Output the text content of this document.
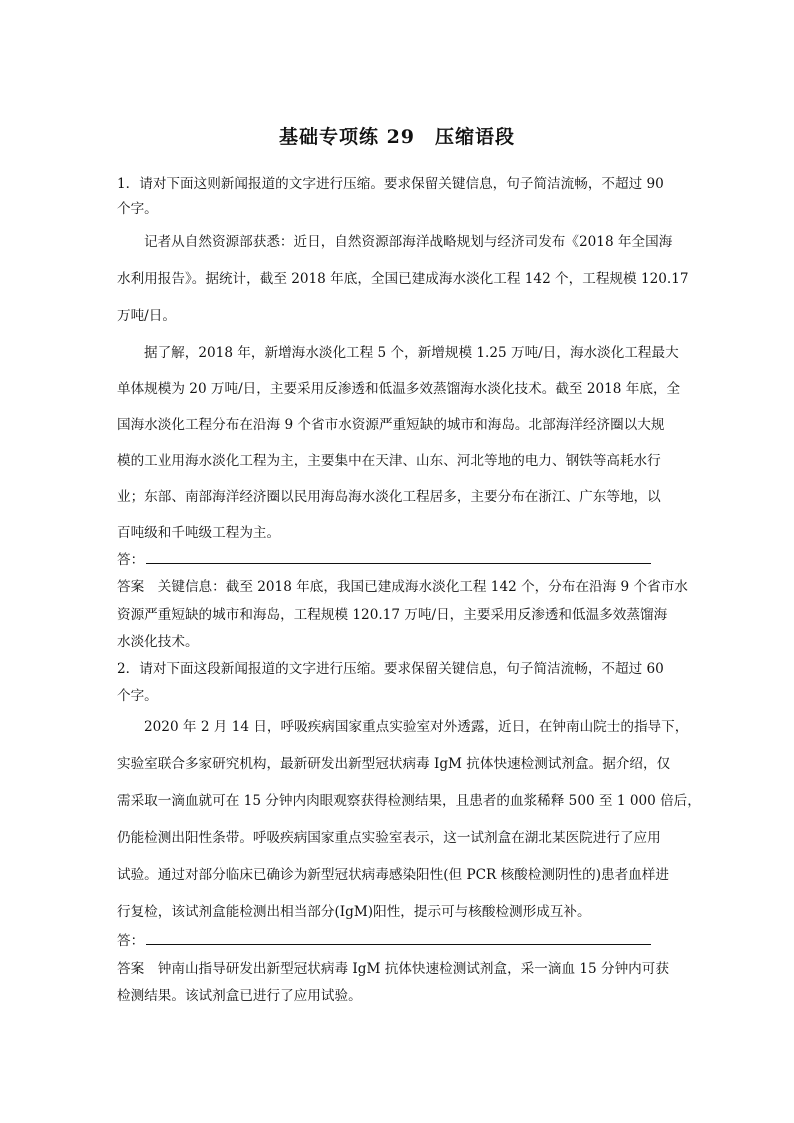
基础专项练 29　压缩语段
1．请对下面这则新闻报道的文字进行压缩。要求保留关键信息，句子简洁流畅，不超过 90
个字。
记者从自然资源部获悉：近日，自然资源部海洋战略规划与经济司发布《2018 年全国海
水利用报告》。据统计，截至 2018 年底，全国已建成海水淡化工程 142 个，工程规模 120.17
万吨/日。
据了解，2018 年，新增海水淡化工程 5 个，新增规模 1.25 万吨/日，海水淡化工程最大
单体规模为 20 万吨/日，主要采用反渗透和低温多效蒸馏海水淡化技术。截至 2018 年底，全
国海水淡化工程分布在沿海 9 个省市水资源严重短缺的城市和海岛。北部海洋经济圈以大规
模的工业用海水淡化工程为主，主要集中在天津、山东、河北等地的电力、钢铁等高耗水行
业；东部、南部海洋经济圈以民用海岛海水淡化工程居多，主要分布在浙江、广东等地，以
百吨级和千吨级工程为主。
答：
答案　关键信息：截至 2018 年底，我国已建成海水淡化工程 142 个，分布在沿海 9 个省市水
资源严重短缺的城市和海岛，工程规模 120.17 万吨/日，主要采用反渗透和低温多效蒸馏海
水淡化技术。
2．请对下面这段新闻报道的文字进行压缩。要求保留关键信息，句子简洁流畅，不超过 60
个字。
2020 年 2 月 14 日，呼吸疾病国家重点实验室对外透露，近日，在钟南山院士的指导下，
实验室联合多家研究机构，最新研发出新型冠状病毒 IgM 抗体快速检测试剂盒。据介绍，仅
需采取一滴血就可在 15 分钟内肉眼观察获得检测结果，且患者的血浆稀释 500 至 1 000 倍后，
仍能检测出阳性条带。呼吸疾病国家重点实验室表示，这一试剂盒在湖北某医院进行了应用
试验。通过对部分临床已确诊为新型冠状病毒感染阳性(但 PCR 核酸检测阴性的)患者血样进
行复检，该试剂盒能检测出相当部分(IgM)阳性，提示可与核酸检测形成互补。
答：
答案　钟南山指导研发出新型冠状病毒 IgM 抗体快速检测试剂盒，采一滴血 15 分钟内可获
检测结果。该试剂盒已进行了应用试验。
